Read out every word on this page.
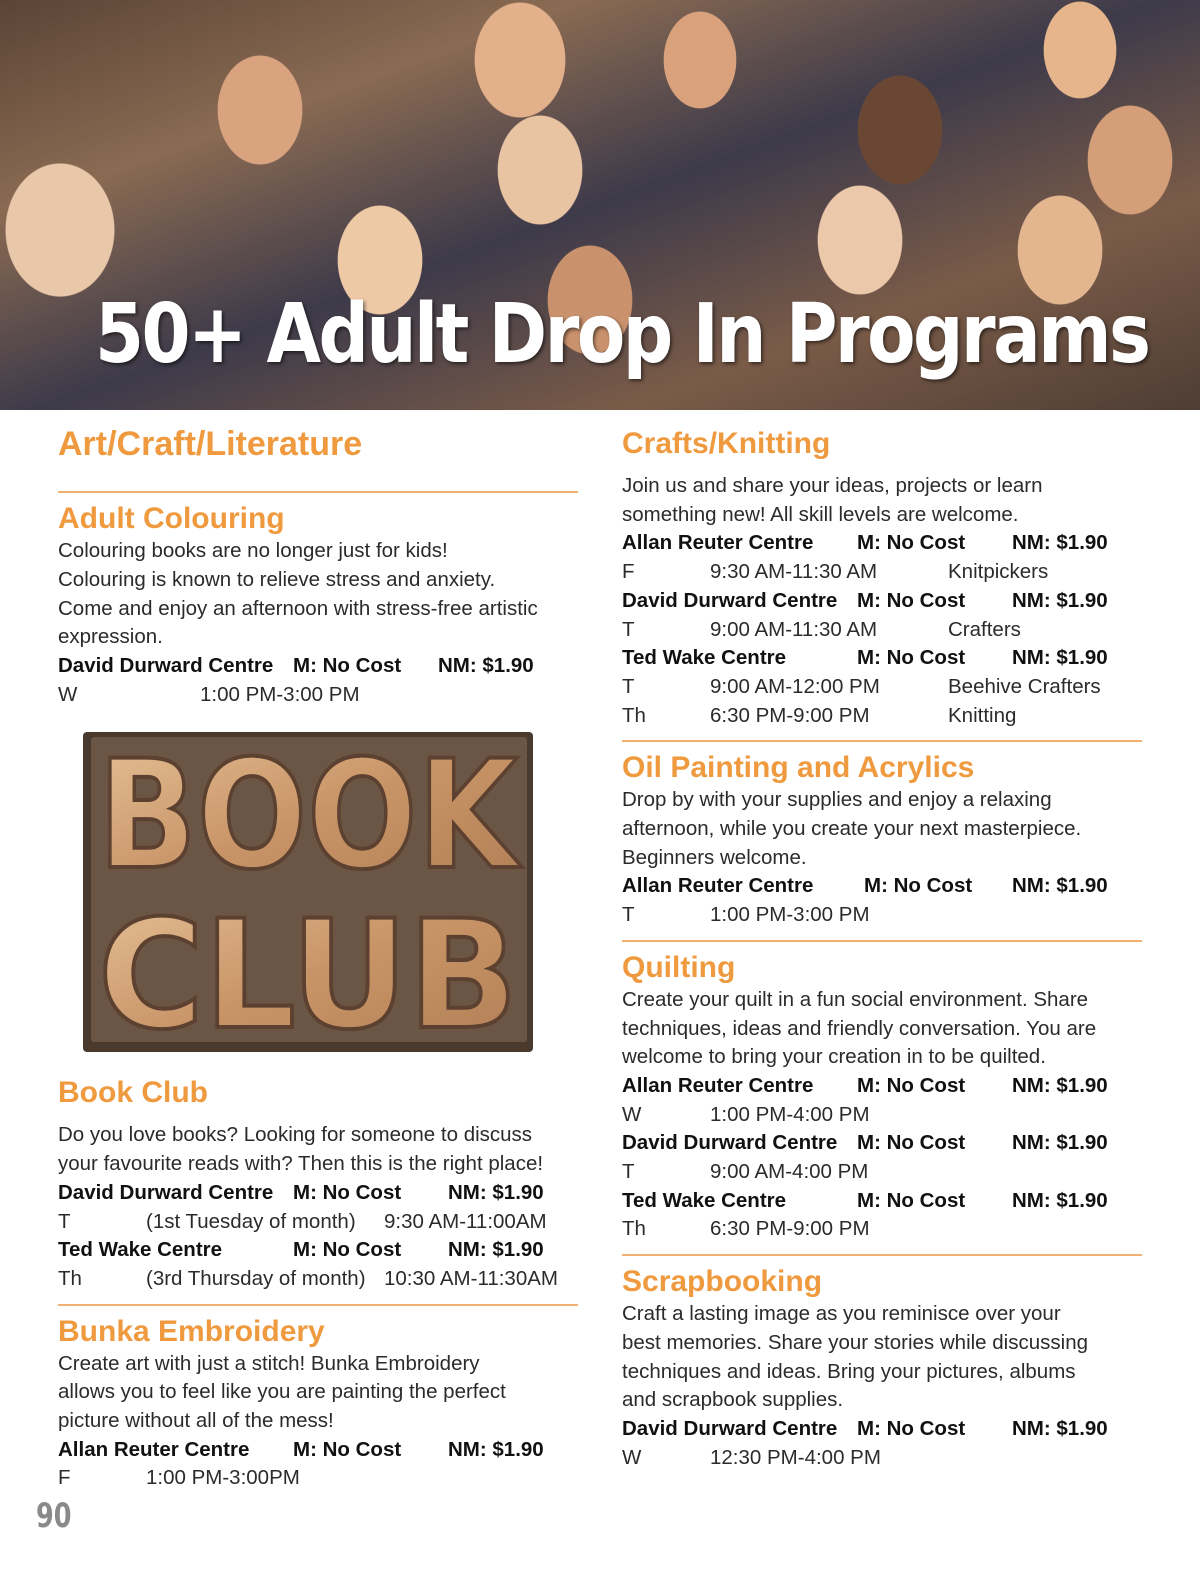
50+ Adult Drop In Programs
Art/Craft/Literature
Adult Colouring

Colouring books are no longer just for kids!
Colouring is known to relieve stress and anxiety.
Come and enjoy an afternoon with stress-free artistic
expression.

David Durward Centre M: No Cost	NM: $1.90
W	1:00 PM-3:00 PM
BOOK
CLUB
Book Club

Do you love books? Looking for someone to discuss
your favourite reads with? Then this is the right place!

David Durward Centre M: No Cost	NM: $1.90
T	(1st Tuesday of month)	9:30 AM-11:00AM
Ted Wake Centre	M: No Cost	NM: $1.90
Th	(3rd Thursday of month) 10:30 AM-11:30AM
Bunka Embroidery

Create art with just a stitch! Bunka Embroidery
allows you to feel like you are painting the perfect
picture without all of the mess!

Allan Reuter Centre	M: No Cost	NM: $1.90
F	1:00 PM-3:00PM
Crafts/Knitting

Join us and share your ideas, projects or learn
something new! All skill levels are welcome.

Allan Reuter Centre	M: No Cost	NM: $1.90
F	9:30 AM-11:30 AM	Knitpickers
David Durward Centre M: No Cost	NM: $1.90
T	9:00 AM-11:30 AM	Crafters
Ted Wake Centre	M: No Cost	NM: $1.90
T	9:00 AM-12:00 PM	Beehive Crafters
Th	6:30 PM-9:00 PM	Knitting
Oil Painting and Acrylics

Drop by with your supplies and enjoy a relaxing
afternoon, while you create your next masterpiece.
Beginners welcome.

Allan Reuter Centre	M: No Cost	NM: $1.90
T	1:00 PM-3:00 PM
Quilting

Create your quilt in a fun social environment. Share
techniques, ideas and friendly conversation. You are
welcome to bring your creation in to be quilted.

Allan Reuter Centre	M: No Cost	NM: $1.90
W	1:00 PM-4:00 PM
David Durward Centre M: No Cost	NM: $1.90
T	9:00 AM-4:00 PM
Ted Wake Centre	M: No Cost	NM: $1.90
Th	6:30 PM-9:00 PM
Scrapbooking

Craft a lasting image as you reminisce over your
best memories. Share your stories while discussing
techniques and ideas. Bring your pictures, albums
and scrapbook supplies.

David Durward Centre M: No Cost	NM: $1.90
W	12:30 PM-4:00 PM
90
